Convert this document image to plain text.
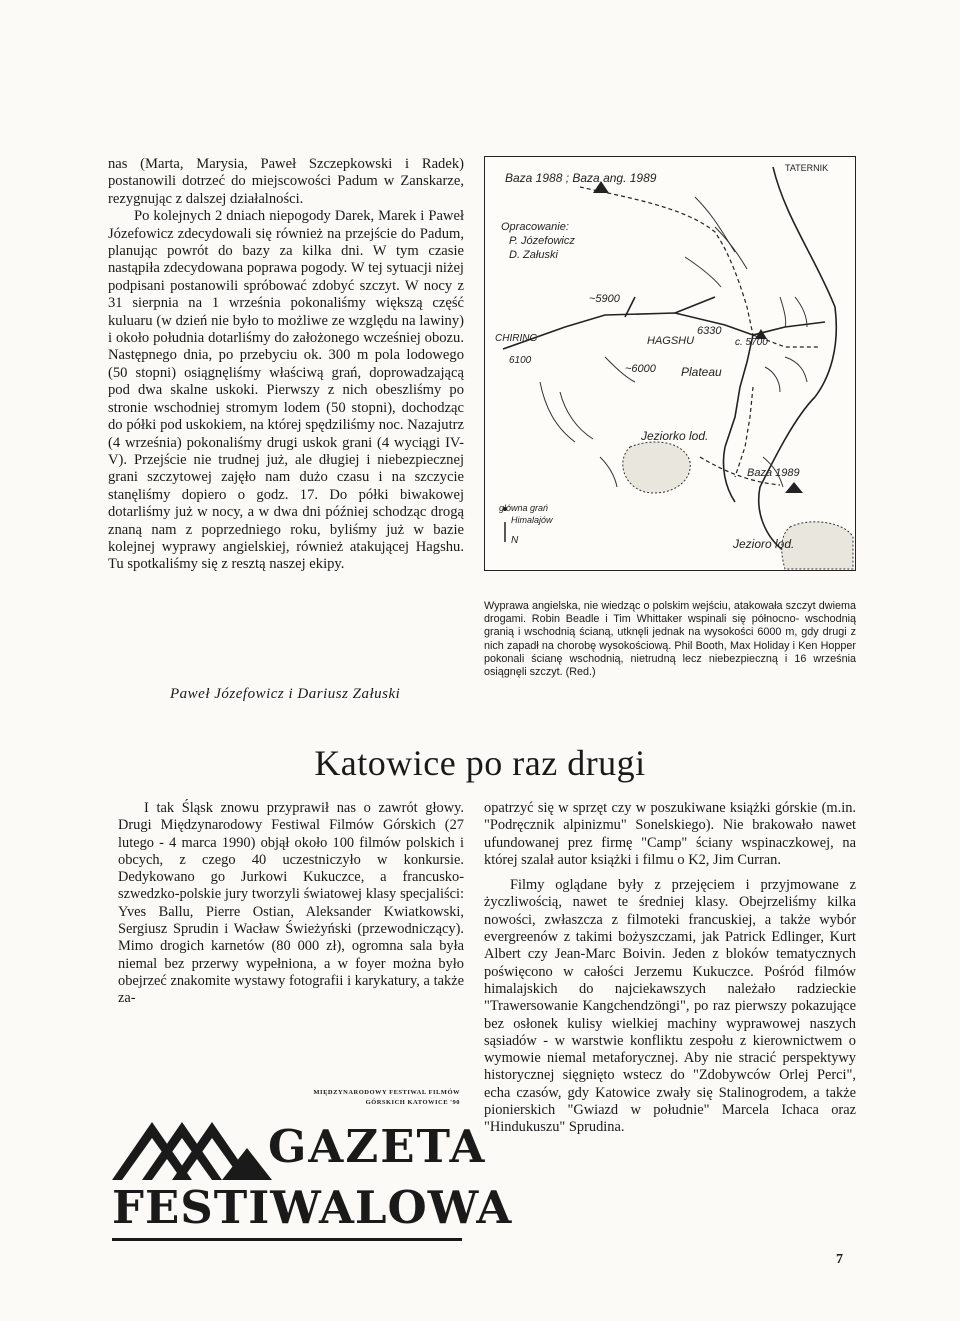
nas (Marta, Marysia, Paweł Szczepkowski i Radek) postanowili dotrzeć do miejscowości Padum w Zanskarze, rezygnując z dalszej działalności.

Po kolejnych 2 dniach niepogody Darek, Marek i Paweł Józefowicz zdecydowali się również na przejście do Padum, planując powrót do bazy za kilka dni. W tym czasie nastąpiła zdecydowana poprawa pogody. W tej sytuacji niżej podpisani postanowili spróbować zdobyć szczyt. W nocy z 31 sierpnia na 1 września pokonaliśmy większą część kuluaru (w dzień nie było to możliwe ze względu na lawiny) i około południa dotarliśmy do założonego wcześniej obozu. Następnego dnia, po przebyciu ok. 300 m pola lodowego (50 stopni) osiągnęliśmy właściwą grań, doprowadzającą pod dwa skalne uskoki. Pierwszy z nich obeszliśmy po stronie wschodniej stromym lodem (50 stopni), dochodząc do półki pod uskokiem, na której spędziliśmy noc. Nazajutrz (4 września) pokonaliśmy drugi uskok grani (4 wyciągi IV-V). Przejście nie trudnej już, ale długiej i niebezpiecznej grani szczytowej zajęło nam dużo czasu i na szczycie stanęliśmy dopiero o godz. 17. Do półki biwakowej dotarliśmy już w nocy, a w dwa dni później schodząc drogą znaną nam z poprzedniego roku, byliśmy już w bazie kolejnej wyprawy angielskiej, również atakującej Hagshu. Tu spotkaliśmy się z resztą naszej ekipy.

Paweł Józefowicz i Dariusz Załuski
Baza 1988 ; Baza ang. 1989
TATERNIK
Opracowanie:
P. Józefowicz
D. Załuski
~5900
CHIRING
6100
HAGSHU
6330
c. 5700
~6000 Plateau
Jeziorko lod.
Baza 1989
główna grań
Himalajów
Jezioro lod.
N
Wyprawa angielska, nie wiedząc o polskim wejściu, atakowała szczyt dwiema drogami. Robin Beadle i Tim Whittaker wspinali się północno- wschodnią granią i wschodnią ścianą, utknęli jednak na wysokości 6000 m, gdy drugi z nich zapadł na chorobę wysokościową. Phil Booth, Max Holiday i Ken Hopper pokonali ścianę wschodnią, nietrudną lecz niebezpieczną i 16 września osiągnęli szczyt. (Red.)
Katowice po raz drugi

I tak Śląsk znowu przyprawił nas o zawrót głowy. Drugi Międzynarodowy Festiwal Filmów Górskich (27 lutego - 4 marca 1990) objął około 100 filmów polskich i obcych, z czego 40 uczestniczyło w konkursie. Dedykowano go Jurkowi Kukuczce, a francusko-szwedzko-polskie jury tworzyli światowej klasy specjaliści: Yves Ballu, Pierre Ostian, Aleksander Kwiatkowski, Sergiusz Sprudin i Wacław Świeżyński (przewodniczący). Mimo drogich karnetów (80 000 zł), ogromna sala była niemal bez przerwy wypełniona, a w foyer można było obejrzeć znakomite wystawy fotografii i karykatury, a także za-

opatrzyć się w sprzęt czy w poszukiwane książki górskie (m.in. "Podręcznik alpinizmu" Sonelskiego). Nie brakowało nawet ufundowanej prez firmę "Camp" ściany wspinaczkowej, na której szalał autor książki i filmu o K2, Jim Curran.

Filmy oglądane były z przejęciem i przyjmowane z życzliwością, nawet te średniej klasy. Obejrzeliśmy kilka nowości, zwłaszcza z filmoteki francuskiej, a także wybór evergreenów z takimi bożyszczami, jak Patrick Edlinger, Kurt Albert czy Jean-Marc Boivin. Jeden z bloków tematycznych poświęcono w całości Jerzemu Kukuczce. Pośród filmów himalajskich do najciekawszych należało radzieckie "Trawersowanie Kangchendzöngi", po raz pierwszy pokazujące bez osłonek kulisy wielkiej machiny wyprawowej naszych sąsiadów - w warstwie konfliktu zespołu z kierownictwem o wymowie niemal metaforycznej. Aby nie stracić perspektywy historycznej sięgnięto wstecz do "Zdobywców Orlej Perci", echa czasów, gdy Katowice zwały się Stalinogrodem, a także pionierskich "Gwiazd w południe" Marcela Ichaca oraz "Hindukuszu" Sprudina.

MIĘDZYNARODOWY FESTIWAL FILMÓW
GÓRSKICH KATOWICE '90
GAZETA
FESTIWALOWA
7
